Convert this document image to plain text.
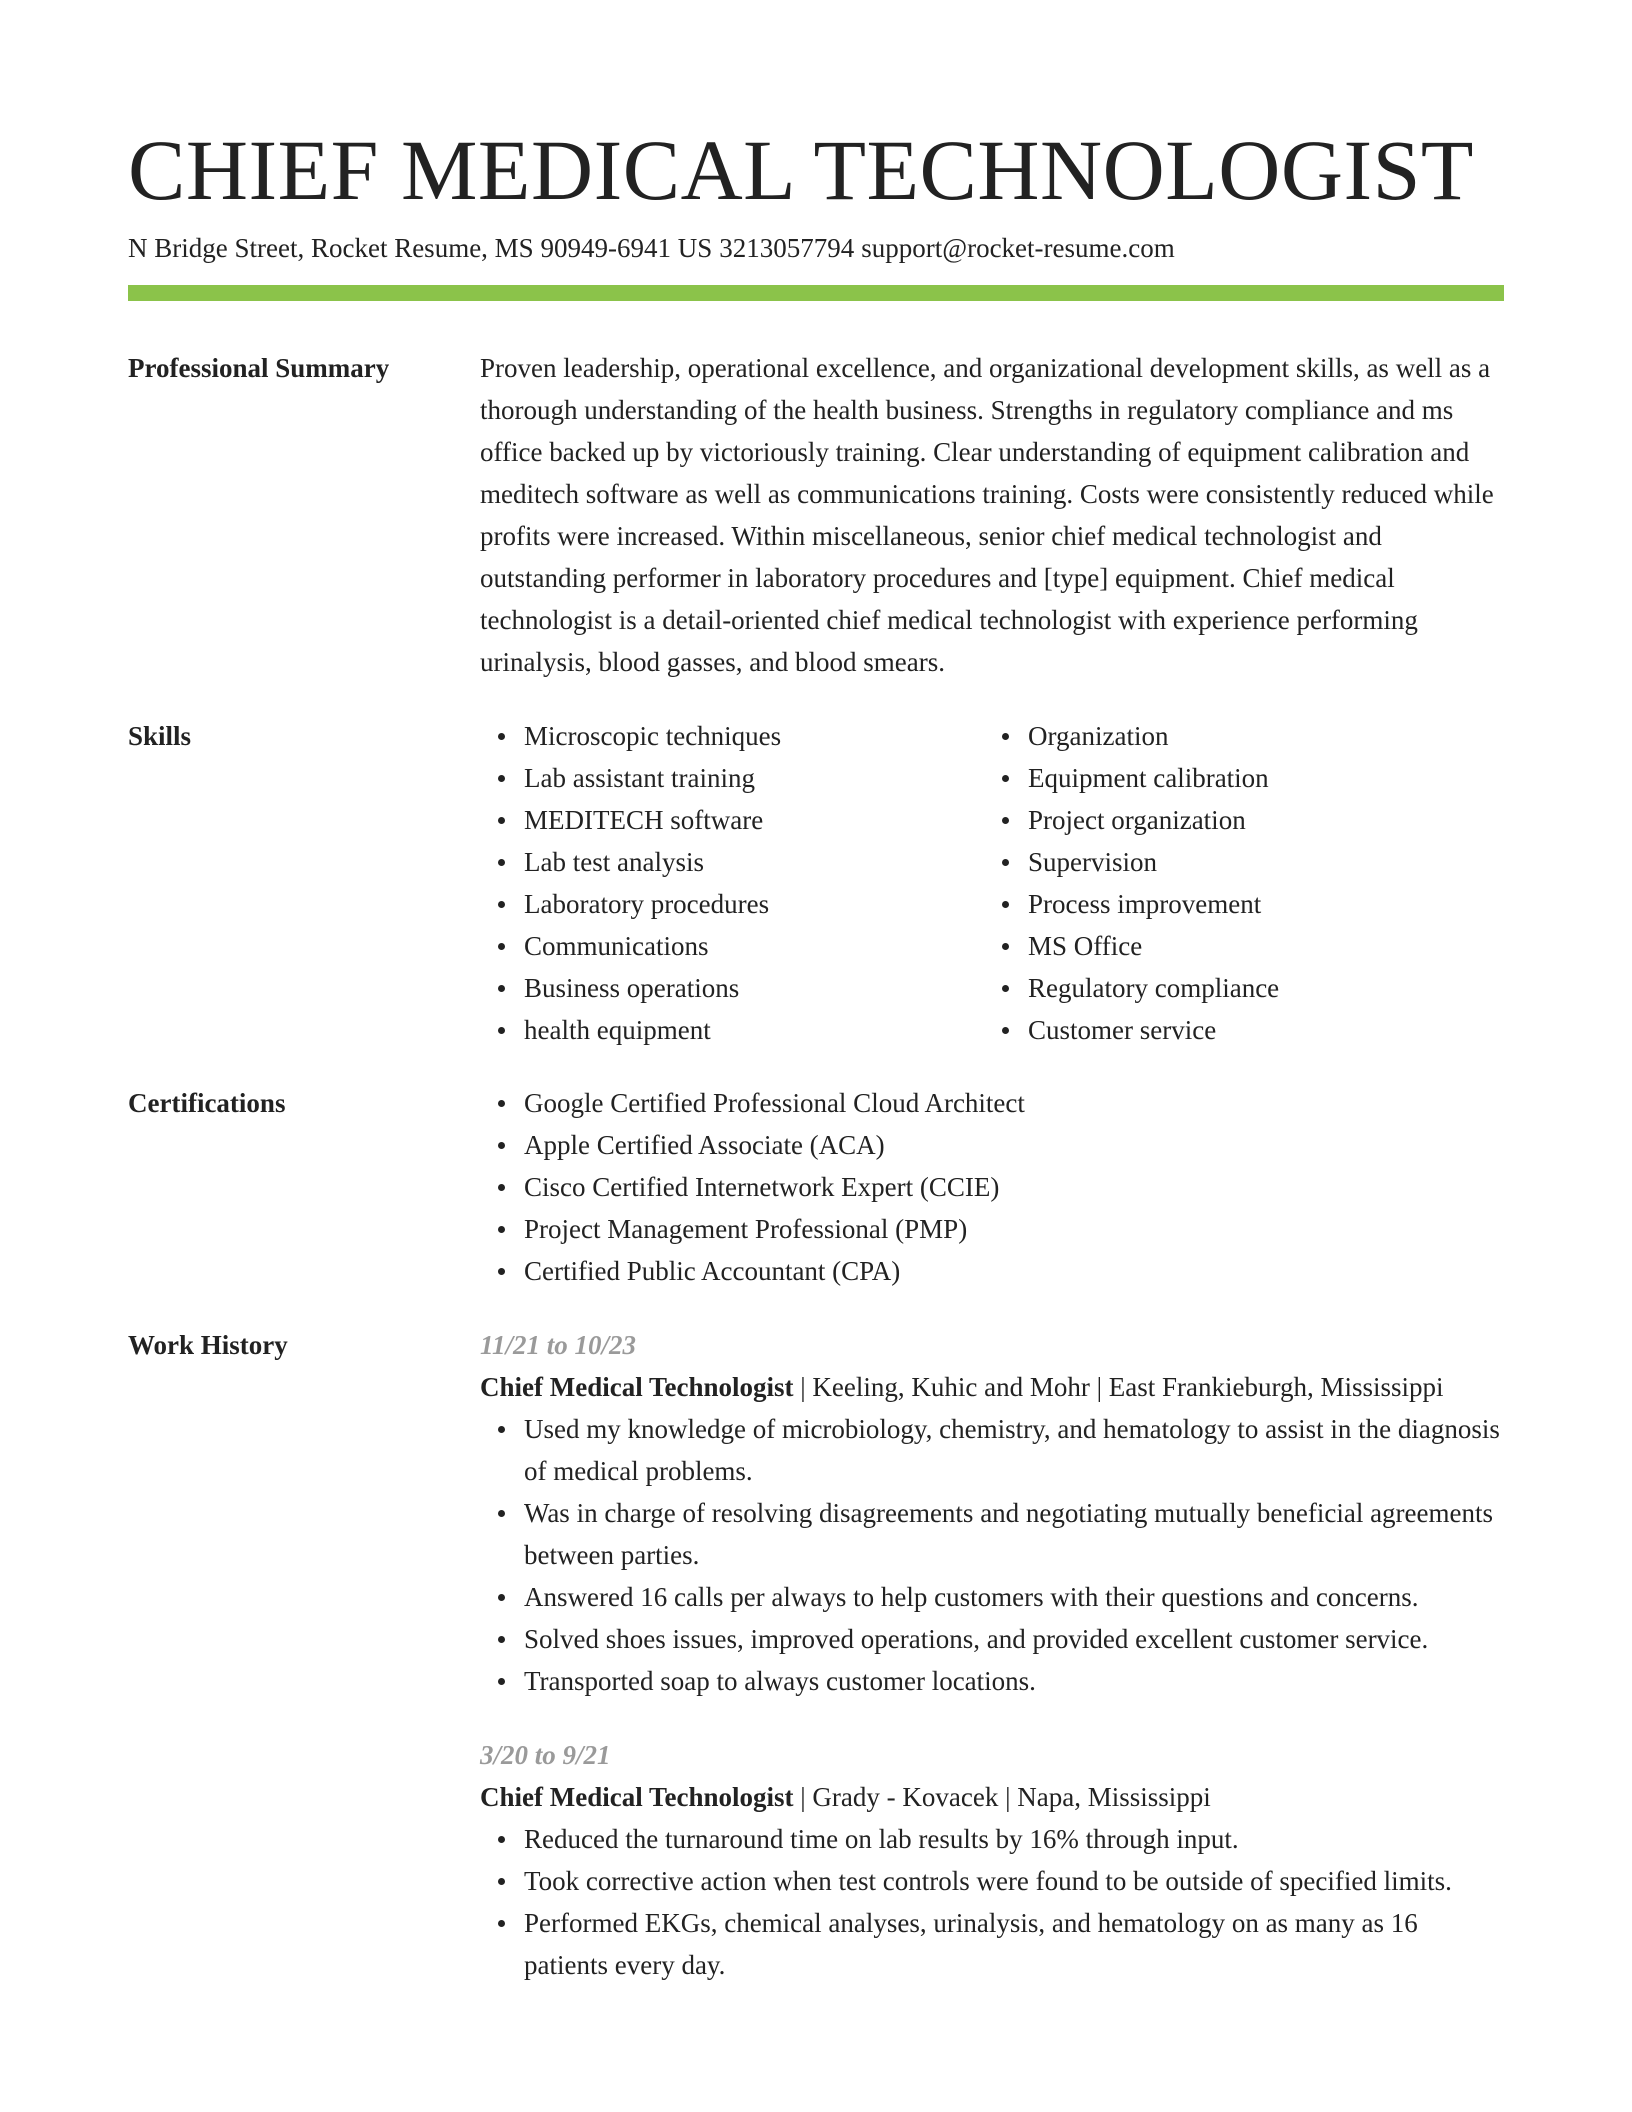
CHIEF MEDICAL TECHNOLOGIST
N Bridge Street, Rocket Resume, MS 90949-6941 US 3213057794 support@rocket-resume.com
Professional Summary	Proven leadership, operational excellence, and organizational development skills, as well as a thorough understanding of the health business. Strengths in regulatory compliance and ms office backed up by victoriously training. Clear understanding of equipment calibration and meditech software as well as communications training. Costs were consistently reduced while profits were increased. Within miscellaneous, senior chief medical technologist and outstanding performer in laboratory procedures and [type] equipment. Chief medical technologist is a detail-oriented chief medical technologist with experience performing urinalysis, blood gasses, and blood smears.

Skills	Microscopic techniques
Lab assistant training
MEDITECH software
Lab test analysis
Laboratory procedures
Communications
Business operations
health equipment
Organization
Equipment calibration
Project organization
Supervision
Process improvement
MS Office
Regulatory compliance
Customer service
Certifications	Google Certified Professional Cloud Architect
Apple Certified Associate (ACA)
Cisco Certified Internetwork Expert (CCIE)
Project Management Professional (PMP)
Certified Public Accountant (CPA)
Work History	11/21 to 10/23
Chief Medical Technologist | Keeling, Kuhic and Mohr | East Frankieburgh, Mississippi
Used my knowledge of microbiology, chemistry, and hematology to assist in the diagnosis of medical problems.
Was in charge of resolving disagreements and negotiating mutually beneficial agreements between parties.
Answered 16 calls per always to help customers with their questions and concerns.
Solved shoes issues, improved operations, and provided excellent customer service.
Transported soap to always customer locations.
3/20 to 9/21
Chief Medical Technologist | Grady - Kovacek | Napa, Mississippi
Reduced the turnaround time on lab results by 16% through input.
Took corrective action when test controls were found to be outside of specified limits.
Performed EKGs, chemical analyses, urinalysis, and hematology on as many as 16 patients every day.
